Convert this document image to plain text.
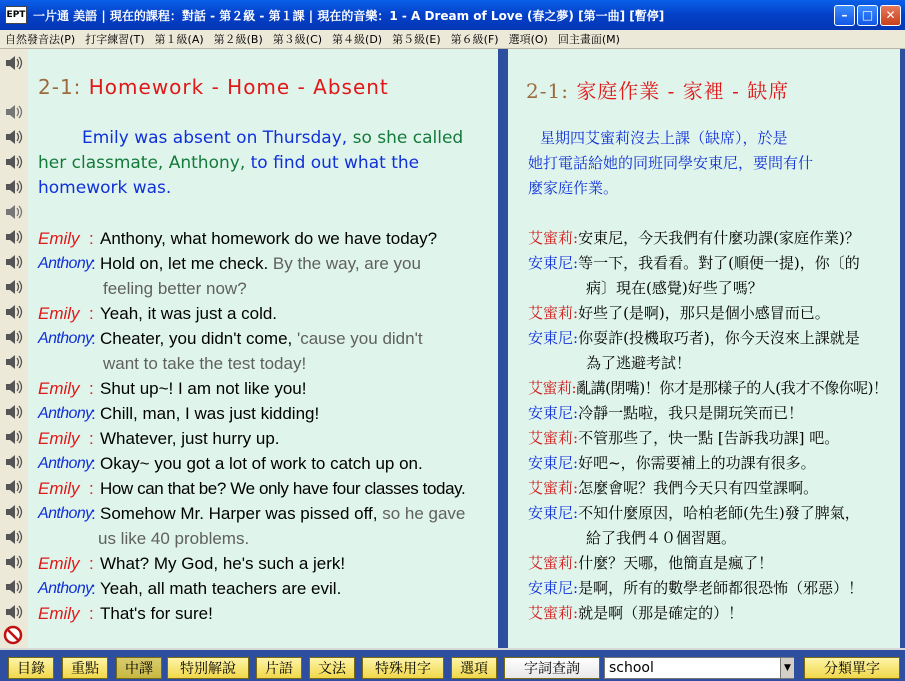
EPT 一片通 美語 | 現在的課程：對話 - 第２級 - 第１課 | 現在的音樂：1 - A Dream of Love (春之夢) [第一曲] [暫停]	–	□	✕
自然發音法(P) 打字練習(T) 第１級(A) 第２級(B) 第３級(C) 第４級(D) 第５級(E) 第６級(F) 選項(O) 回主畫面(M)
2-1: Homework - Home - Absent
Emily was absent on Thursday, so she called
her classmate, Anthony, to find out what the
homework was.
Emily : Anthony, what homework do we have today?
Anthony
: Hold on, let me check. By the way, are you
feeling better now?
Emily : Yeah, it was just a cold.
Anthony
: Cheater, you didn't come, 'cause you didn't
want to take the test today!
Emily : Shut up~! I am not like you!
Anthony
: Chill, man, I was just kidding!
Emily : Whatever, just hurry up.
Anthony
: Okay~ you got a lot of work to catch up on.
Emily : How can that be? We only have four classes today.
Anthony
: Somehow Mr. Harper was pissed off, so he gave
us like 40 problems.
Emily : What? My God, he's such a jerk!
Anthony
: Yeah, all math teachers are evil.
Emily : That's for sure!
2-1: 家庭作業 - 家裡 - 缺席
星期四艾蜜莉沒去上課（缺席），於是
她打電話給她的同班同學安東尼，要問有什
麼家庭作業。
艾蜜莉:安東尼，今天我們有什麼功課(家庭作業)？
安東尼:等一下，我看看。對了(順便一提)，你〔的
病〕現在(感覺)好些了嗎？
艾蜜莉:好些了(是啊)，那只是個小感冒而已。
安東尼:你耍詐(投機取巧者)，你今天沒來上課就是
為了逃避考試！
艾蜜莉:亂講(閉嘴)！你才是那樣子的人(我才不像你呢)！
安東尼:冷靜一點啦，我只是開玩笑而已！
艾蜜莉:不管那些了，快一點 [告訴我功課] 吧。
安東尼:好吧~，你需要補上的功課有很多。
艾蜜莉:怎麼會呢？我們今天只有四堂課啊。
安東尼:不知什麼原因，哈柏老師(先生)發了脾氣，
給了我們４０個習題。
艾蜜莉:什麼？天哪，他簡直是瘋了！
安東尼:是啊，所有的數學老師都很恐怖（邪惡）！
艾蜜莉:就是啊（那是確定的）！
目錄	重點	中譯	特別解說	片語	文法	特殊用字	選項	字詞查詢	school	▼	分類單字
